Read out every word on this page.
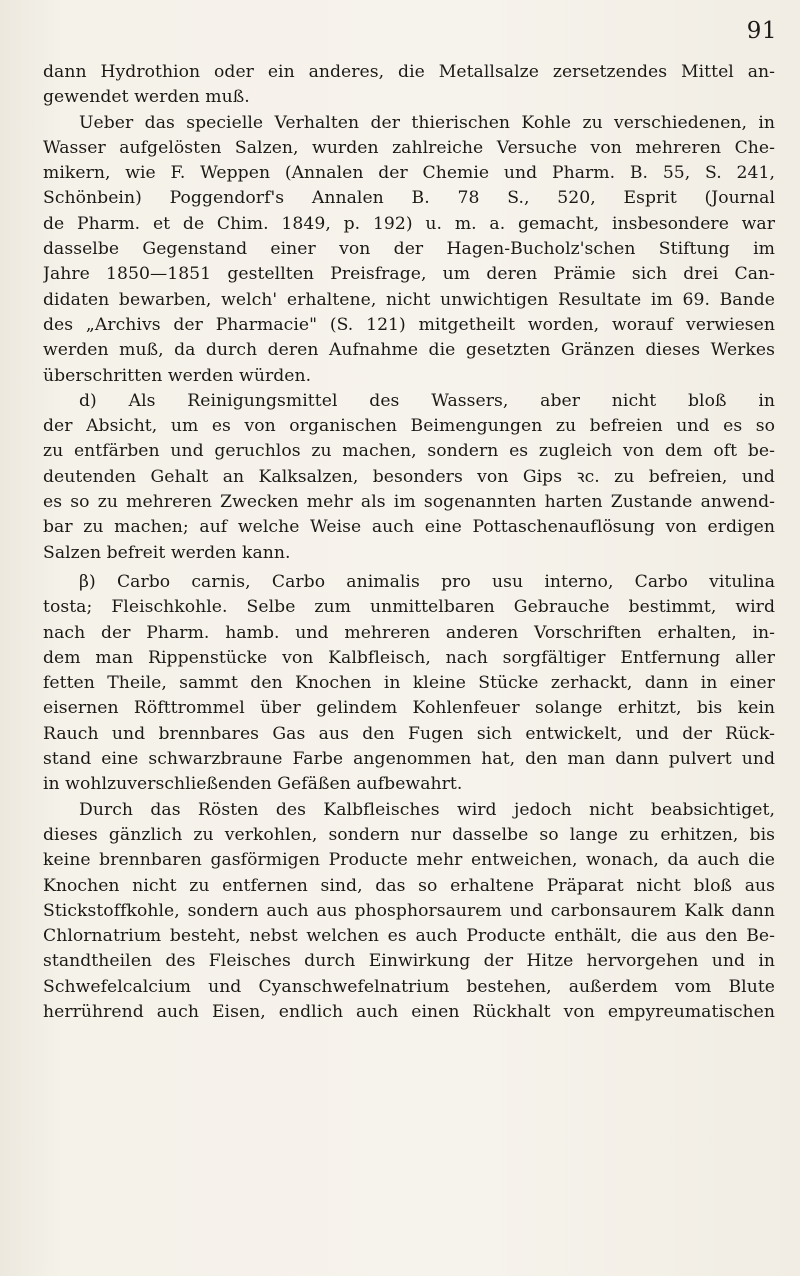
91
dann Hydrothion oder ein anderes, die Metallsalze zersetzendes Mittel an-
gewendet werden muß.
Ueber das specielle Verhalten der thierischen Kohle zu verschiedenen, in
Wasser aufgelösten Salzen, wurden zahlreiche Versuche von mehreren Che-
mikern, wie F. Weppen (Annalen der Chemie und Pharm. B. 55, S. 241,
Schönbein) Poggendorf's Annalen B. 78 S., 520, Esprit (Journal
de Pharm. et de Chim. 1849, p. 192) u. m. a. gemacht, insbesondere war
dasselbe Gegenstand einer von der Hagen-Bucholz'schen Stiftung im
Jahre 1850—1851 gestellten Preisfrage, um deren Prämie sich drei Can-
didaten bewarben, welch' erhaltene, nicht unwichtigen Resultate im 69. Bande
des „Archivs der Pharmacie" (S. 121) mitgetheilt worden, worauf verwiesen
werden muß, da durch deren Aufnahme die gesetzten Gränzen dieses Werkes
überschritten werden würden.
d) Als Reinigungsmittel des Wassers, aber nicht bloß in
der Absicht, um es von organischen Beimengungen zu befreien und es so
zu entfärben und geruchlos zu machen, sondern es zugleich von dem oft be-
deutenden Gehalt an Kalksalzen, besonders von Gips ꝛc. zu befreien, und
es so zu mehreren Zwecken mehr als im sogenannten harten Zustande anwend-
bar zu machen; auf welche Weise auch eine Pottaschenauflösung von erdigen
Salzen befreit werden kann.
β) Carbo carnis, Carbo animalis pro usu interno, Carbo vitulina
tosta; Fleischkohle. Selbe zum unmittelbaren Gebrauche bestimmt, wird
nach der Pharm. hamb. und mehreren anderen Vorschriften erhalten, in-
dem man Rippenstücke von Kalbfleisch, nach sorgfältiger Entfernung aller
fetten Theile, sammt den Knochen in kleine Stücke zerhackt, dann in einer
eisernen Röfttrommel über gelindem Kohlenfeuer solange erhitzt, bis kein
Rauch und brennbares Gas aus den Fugen sich entwickelt, und der Rück-
stand eine schwarzbraune Farbe angenommen hat, den man dann pulvert und
in wohlzuverschließenden Gefäßen aufbewahrt.
Durch das Rösten des Kalbfleisches wird jedoch nicht beabsichtiget,
dieses gänzlich zu verkohlen, sondern nur dasselbe so lange zu erhitzen, bis
keine brennbaren gasförmigen Producte mehr entweichen, wonach, da auch die
Knochen nicht zu entfernen sind, das so erhaltene Präparat nicht bloß aus
Stickstoffkohle, sondern auch aus phosphorsaurem und carbonsaurem Kalk dann
Chlornatrium besteht, nebst welchen es auch Producte enthält, die aus den Be-
standtheilen des Fleisches durch Einwirkung der Hitze hervorgehen und in
Schwefelcalcium und Cyanschwefelnatrium bestehen, außerdem vom Blute
herrührend auch Eisen, endlich auch einen Rückhalt von empyreumatischen
